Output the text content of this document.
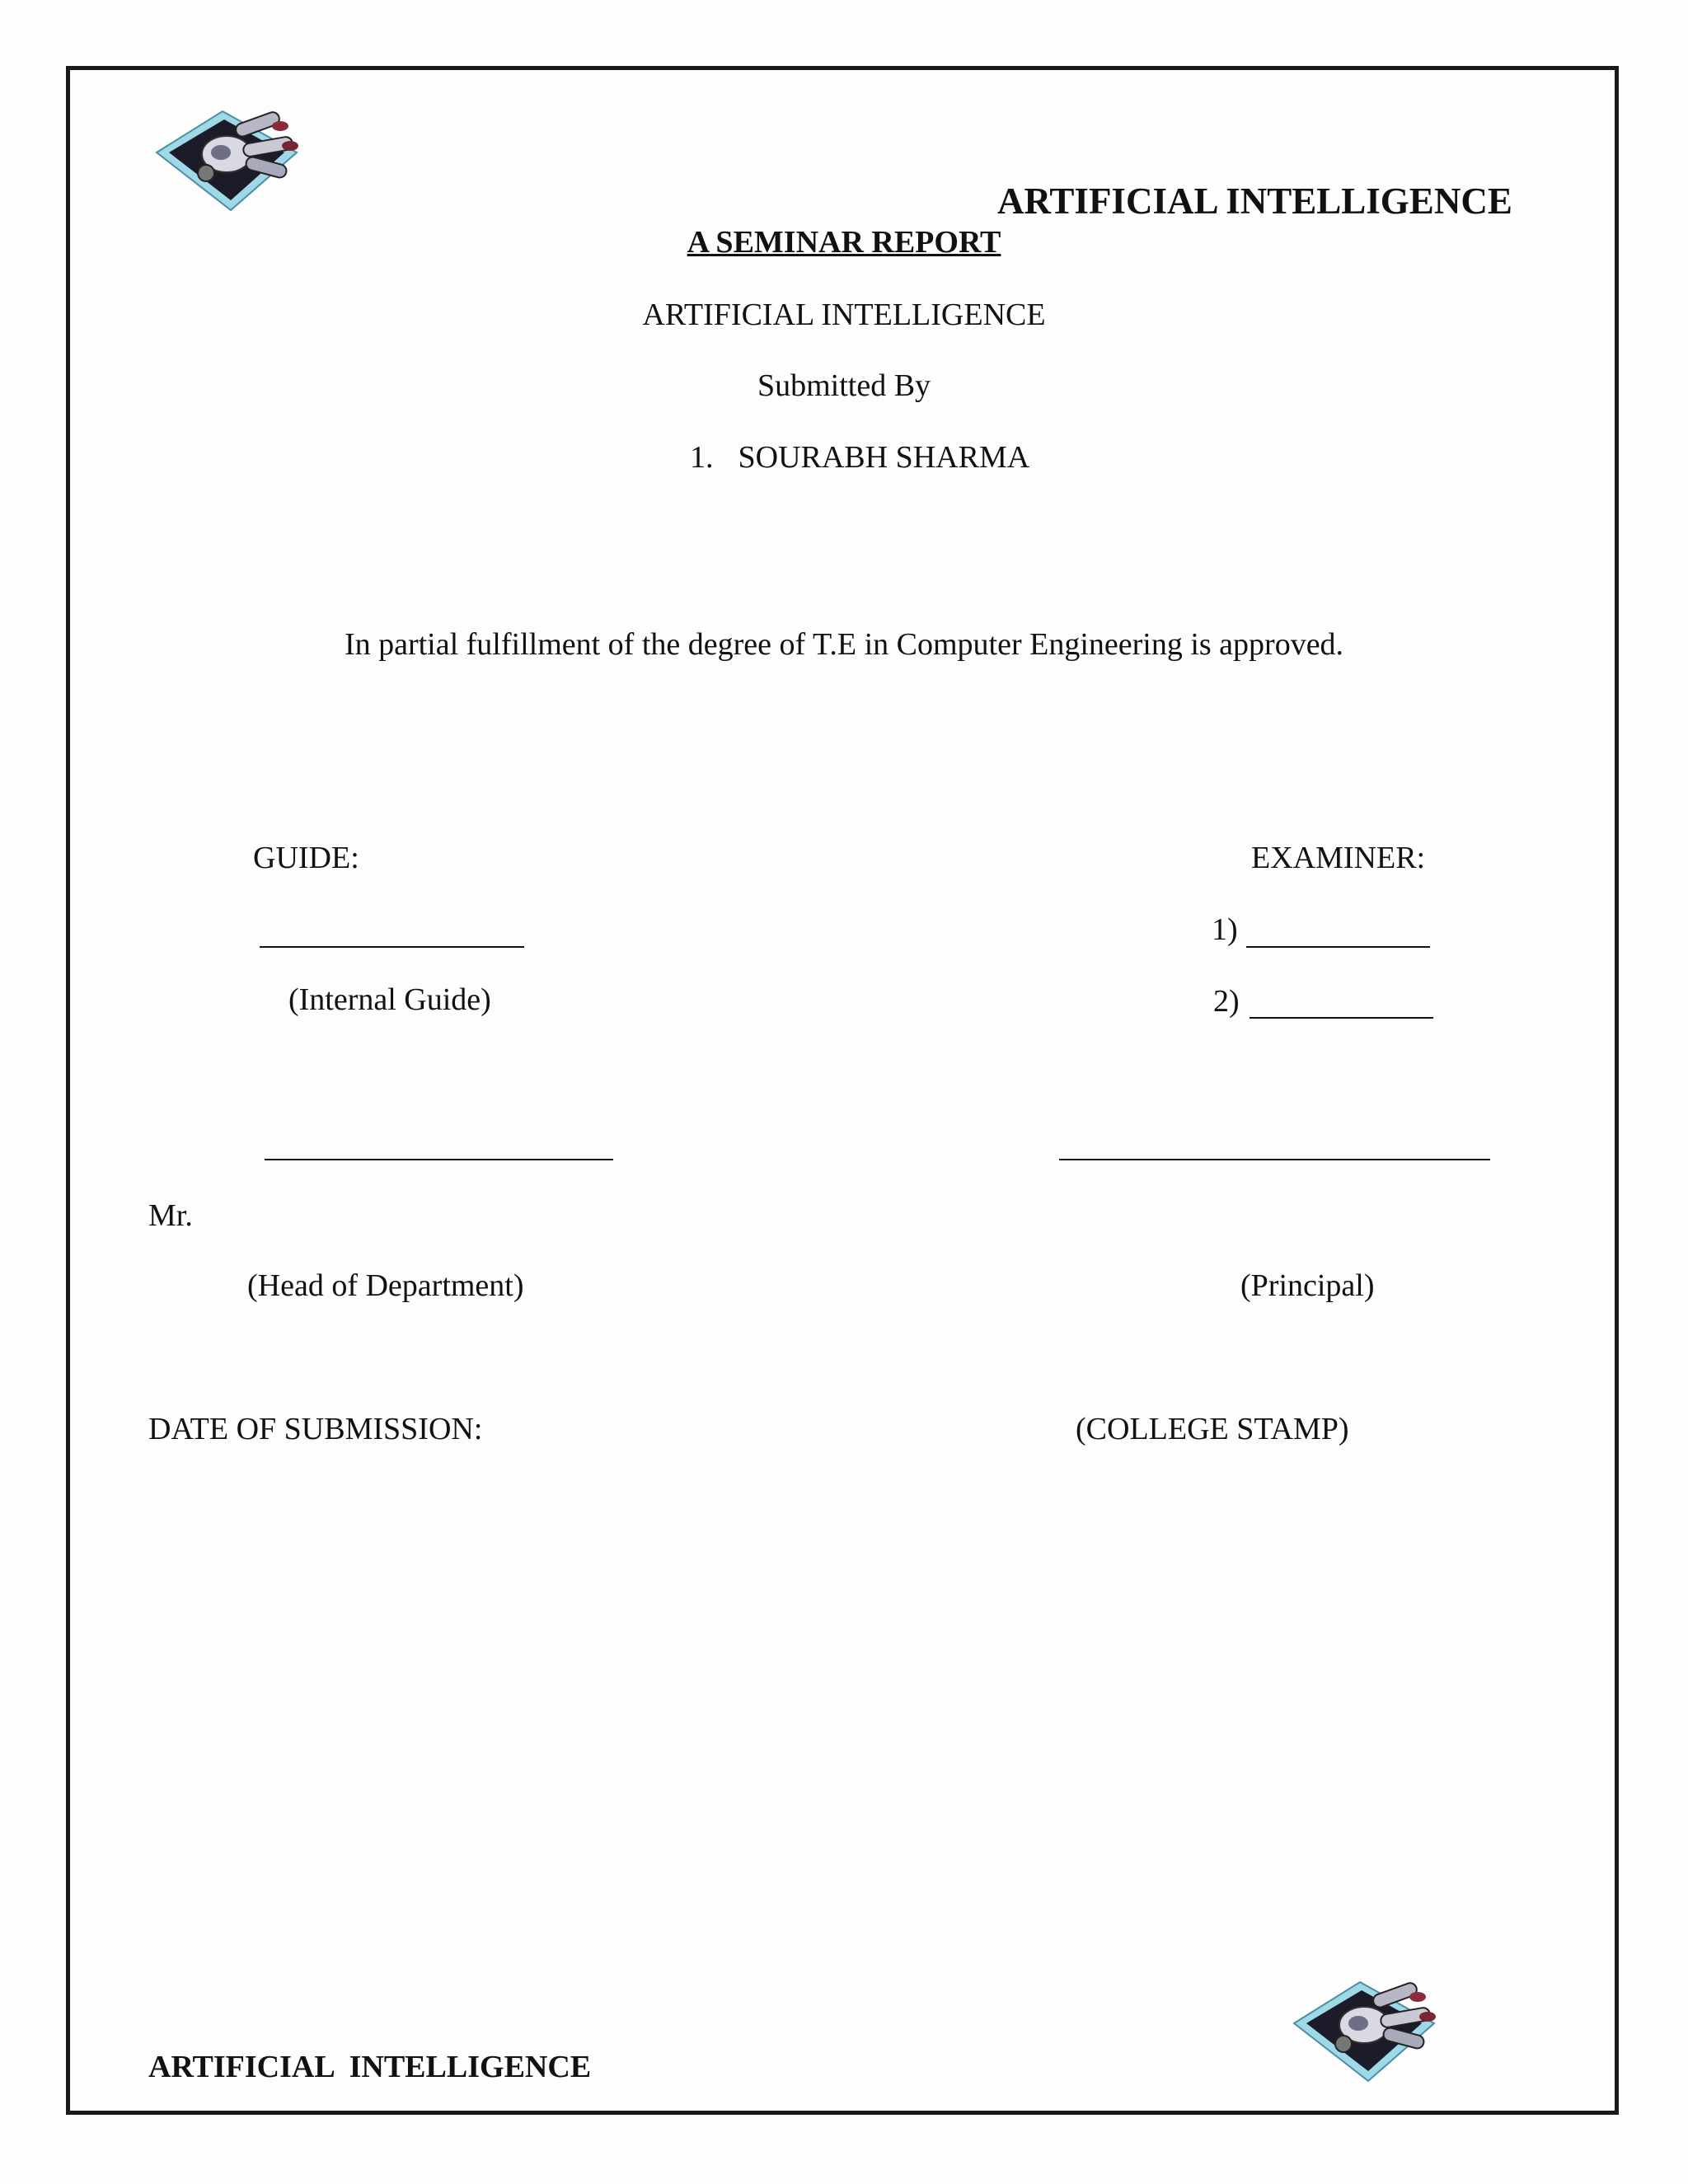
ARTIFICIAL INTELLIGENCE
A SEMINAR REPORT
ARTIFICIAL INTELLIGENCE
Submitted By
1. SOURABH SHARMA
In partial fulfillment of the degree of T.E in Computer Engineering is approved.
GUIDE:
(Internal Guide)
EXAMINER:
1)
2)
Mr.
(Head of Department)	(Principal)
DATE OF SUBMISSION:	(COLLEGE STAMP)
ARTIFICIAL  INTELLIGENCE
